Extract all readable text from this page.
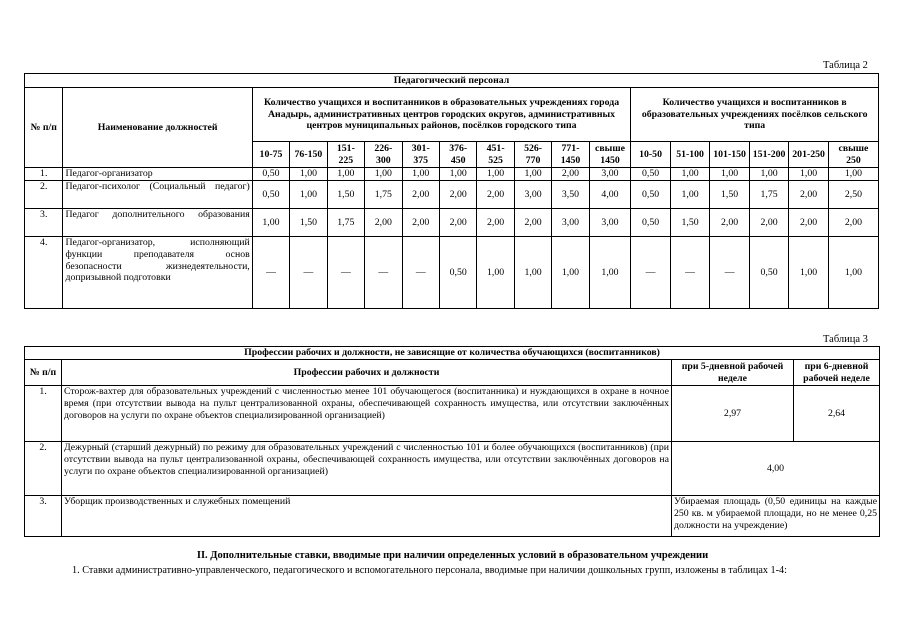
Таблица 2
Педагогический персонал																	
№ п/п	Наименование должностей	Количество учащихся и воспитанников в образовательных учреждениях города Анадырь, административных центров городских округов, административных центров муниципальных районов, посёлков городского типа										Количество учащихся и воспитанников в образовательных учреждениях посёлков сельского типа					
		10-75	76-150	151-225	226-300	301-375	376-450	451-525	526-770	771-1450	свыше 1450	10-50	51-100	101-150	151-200	201-250	свыше 250
1.	Педагог-организатор	0,50	1,00	1,00	1,00	1,00	1,00	1,00	1,00	2,00	3,00	0,50	1,00	1,00	1,00	1,00	1,00
2.	Педагог-психолог (Социальный педагог)	0,50	1,00	1,50	1,75	2,00	2,00	2,00	3,00	3,50	4,00	0,50	1,00	1,50	1,75	2,00	2,50
3.	Педагог дополнительного образования	1,00	1,50	1,75	2,00	2,00	2,00	2,00	2,00	3,00	3,00	0,50	1,50	2,00	2,00	2,00	2,00
4.	Педагог-организатор, исполняющий функции преподавателя основ безопасности жизнедеятельности, допризывной подготовки	—	—	—	—	—	0,50	1,00	1,00	1,00	1,00	—	—	—	0,50	1,00	1,00
Таблица 3
Профессии рабочих и должности, не зависящие от количества обучающихся (воспитанников)			
№ п/п	Профессии рабочих и должности	при 5-дневной рабочей неделе	при 6-дневной рабочей неделе
1.	Сторож-вахтер для образовательных учреждений с численностью менее 101 обучающегося (воспитанника) и нуждающихся в охране в ночное время (при отсутствии вывода на пульт централизованной охраны, обеспечивающей сохранность имущества, или отсутствии заключённых договоров на услуги по охране объектов специализированной организацией)	2,97	2,64
2.	Дежурный (старший дежурный) по режиму для образовательных учреждений с численностью 101 и более обучающихся (воспитанников) (при отсутствии вывода на пульт централизованной охраны, обеспечивающей сохранность имущества, или отсутствии заключённых договоров на услуги по охране объектов специализированной организацией)	4,00	
3.	Уборщик производственных и служебных помещений	Убираемая площадь (0,50 единицы на каждые 250 кв. м убираемой площади, но не менее 0,25 должности на учреждение)	
II. Дополнительные ставки, вводимые при наличии определенных условий в образовательном учреждении
1. Ставки административно-управленческого, педагогического и вспомогательного персонала, вводимые при наличии дошкольных групп, изложены в таблицах 1-4:
